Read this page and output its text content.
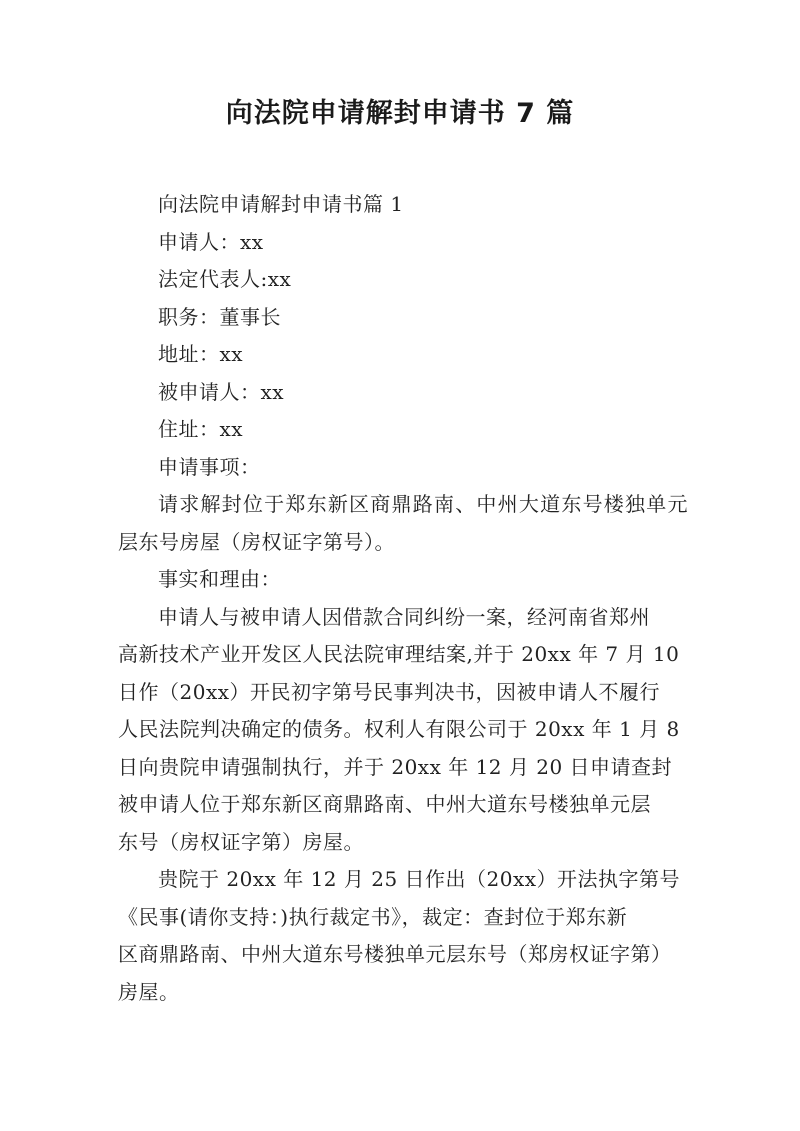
向法院申请解封申请书 7 篇

向法院申请解封申请书篇 1

申请人：xx

法定代表人:xx

职务：董事长

地址：xx

被申请人：xx

住址：xx

申请事项：

请求解封位于郑东新区商鼎路南、中州大道东号楼独单元层东号房屋（房权证字第号）。

事实和理由：

申请人与被申请人因借款合同纠纷一案，经河南省郑州

高新技术产业开发区人民法院审理结案,并于 20xx 年 7 月 10

日作（20xx）开民初字第号民事判决书，因被申请人不履行

人民法院判决确定的债务。权利人有限公司于 20xx 年 1 月 8

日向贵院申请强制执行，并于 20xx 年 12 月 20 日申请查封

被申请人位于郑东新区商鼎路南、中州大道东号楼独单元层

东号（房权证字第）房屋。

贵院于 20xx 年 12 月 25 日作出（20xx）开法执字第号

《民事(请你支持：)执行裁定书》，裁定：查封位于郑东新

区商鼎路南、中州大道东号楼独单元层东号（郑房权证字第）

房屋。
